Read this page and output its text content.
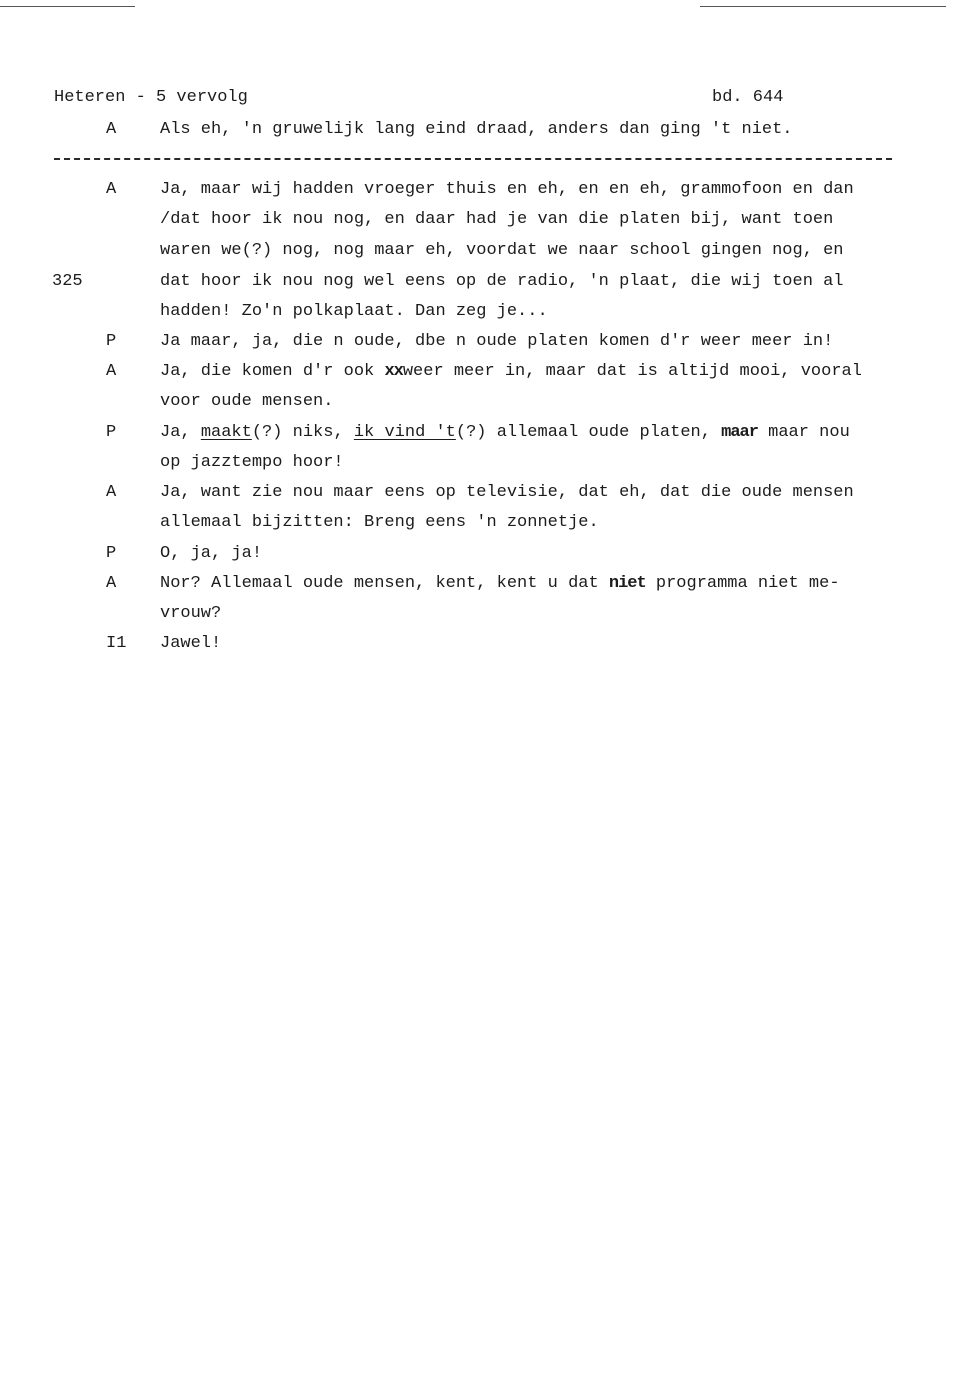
Heteren - 5 vervolg	bd. 644
A	Als eh, 'n gruwelijk lang eind draad, anders dan ging 't niet.
A	Ja, maar wij hadden vroeger thuis en eh, en en eh, grammofoon en dan
/dat hoor ik nou nog, en daar had je van die platen bij, want toen
waren we(?) nog, nog maar eh, voordat we naar school gingen nog, en
325	dat hoor ik nou nog wel eens op de radio, 'n plaat, die wij toen al
hadden! Zo'n polkaplaat. Dan zeg je...
P	Ja maar, ja, die n oude, dbe n oude platen komen d'r weer meer in!
A	Ja, die komen d'r ook xxweer meer in, maar dat is altijd mooi, vooral
voor oude mensen.
P	Ja, maakt(?) niks, ik vind 't(?) allemaal oude platen, maar maar nou
op jazztempo hoor!
A	Ja, want zie nou maar eens op televisie, dat eh, dat die oude mensen
allemaal bijzitten: Breng eens 'n zonnetje.
P	O, ja, ja!
A	Nor? Allemaal oude mensen, kent, kent u dat niet programma niet me-
vrouw?
I1 Jawel!
